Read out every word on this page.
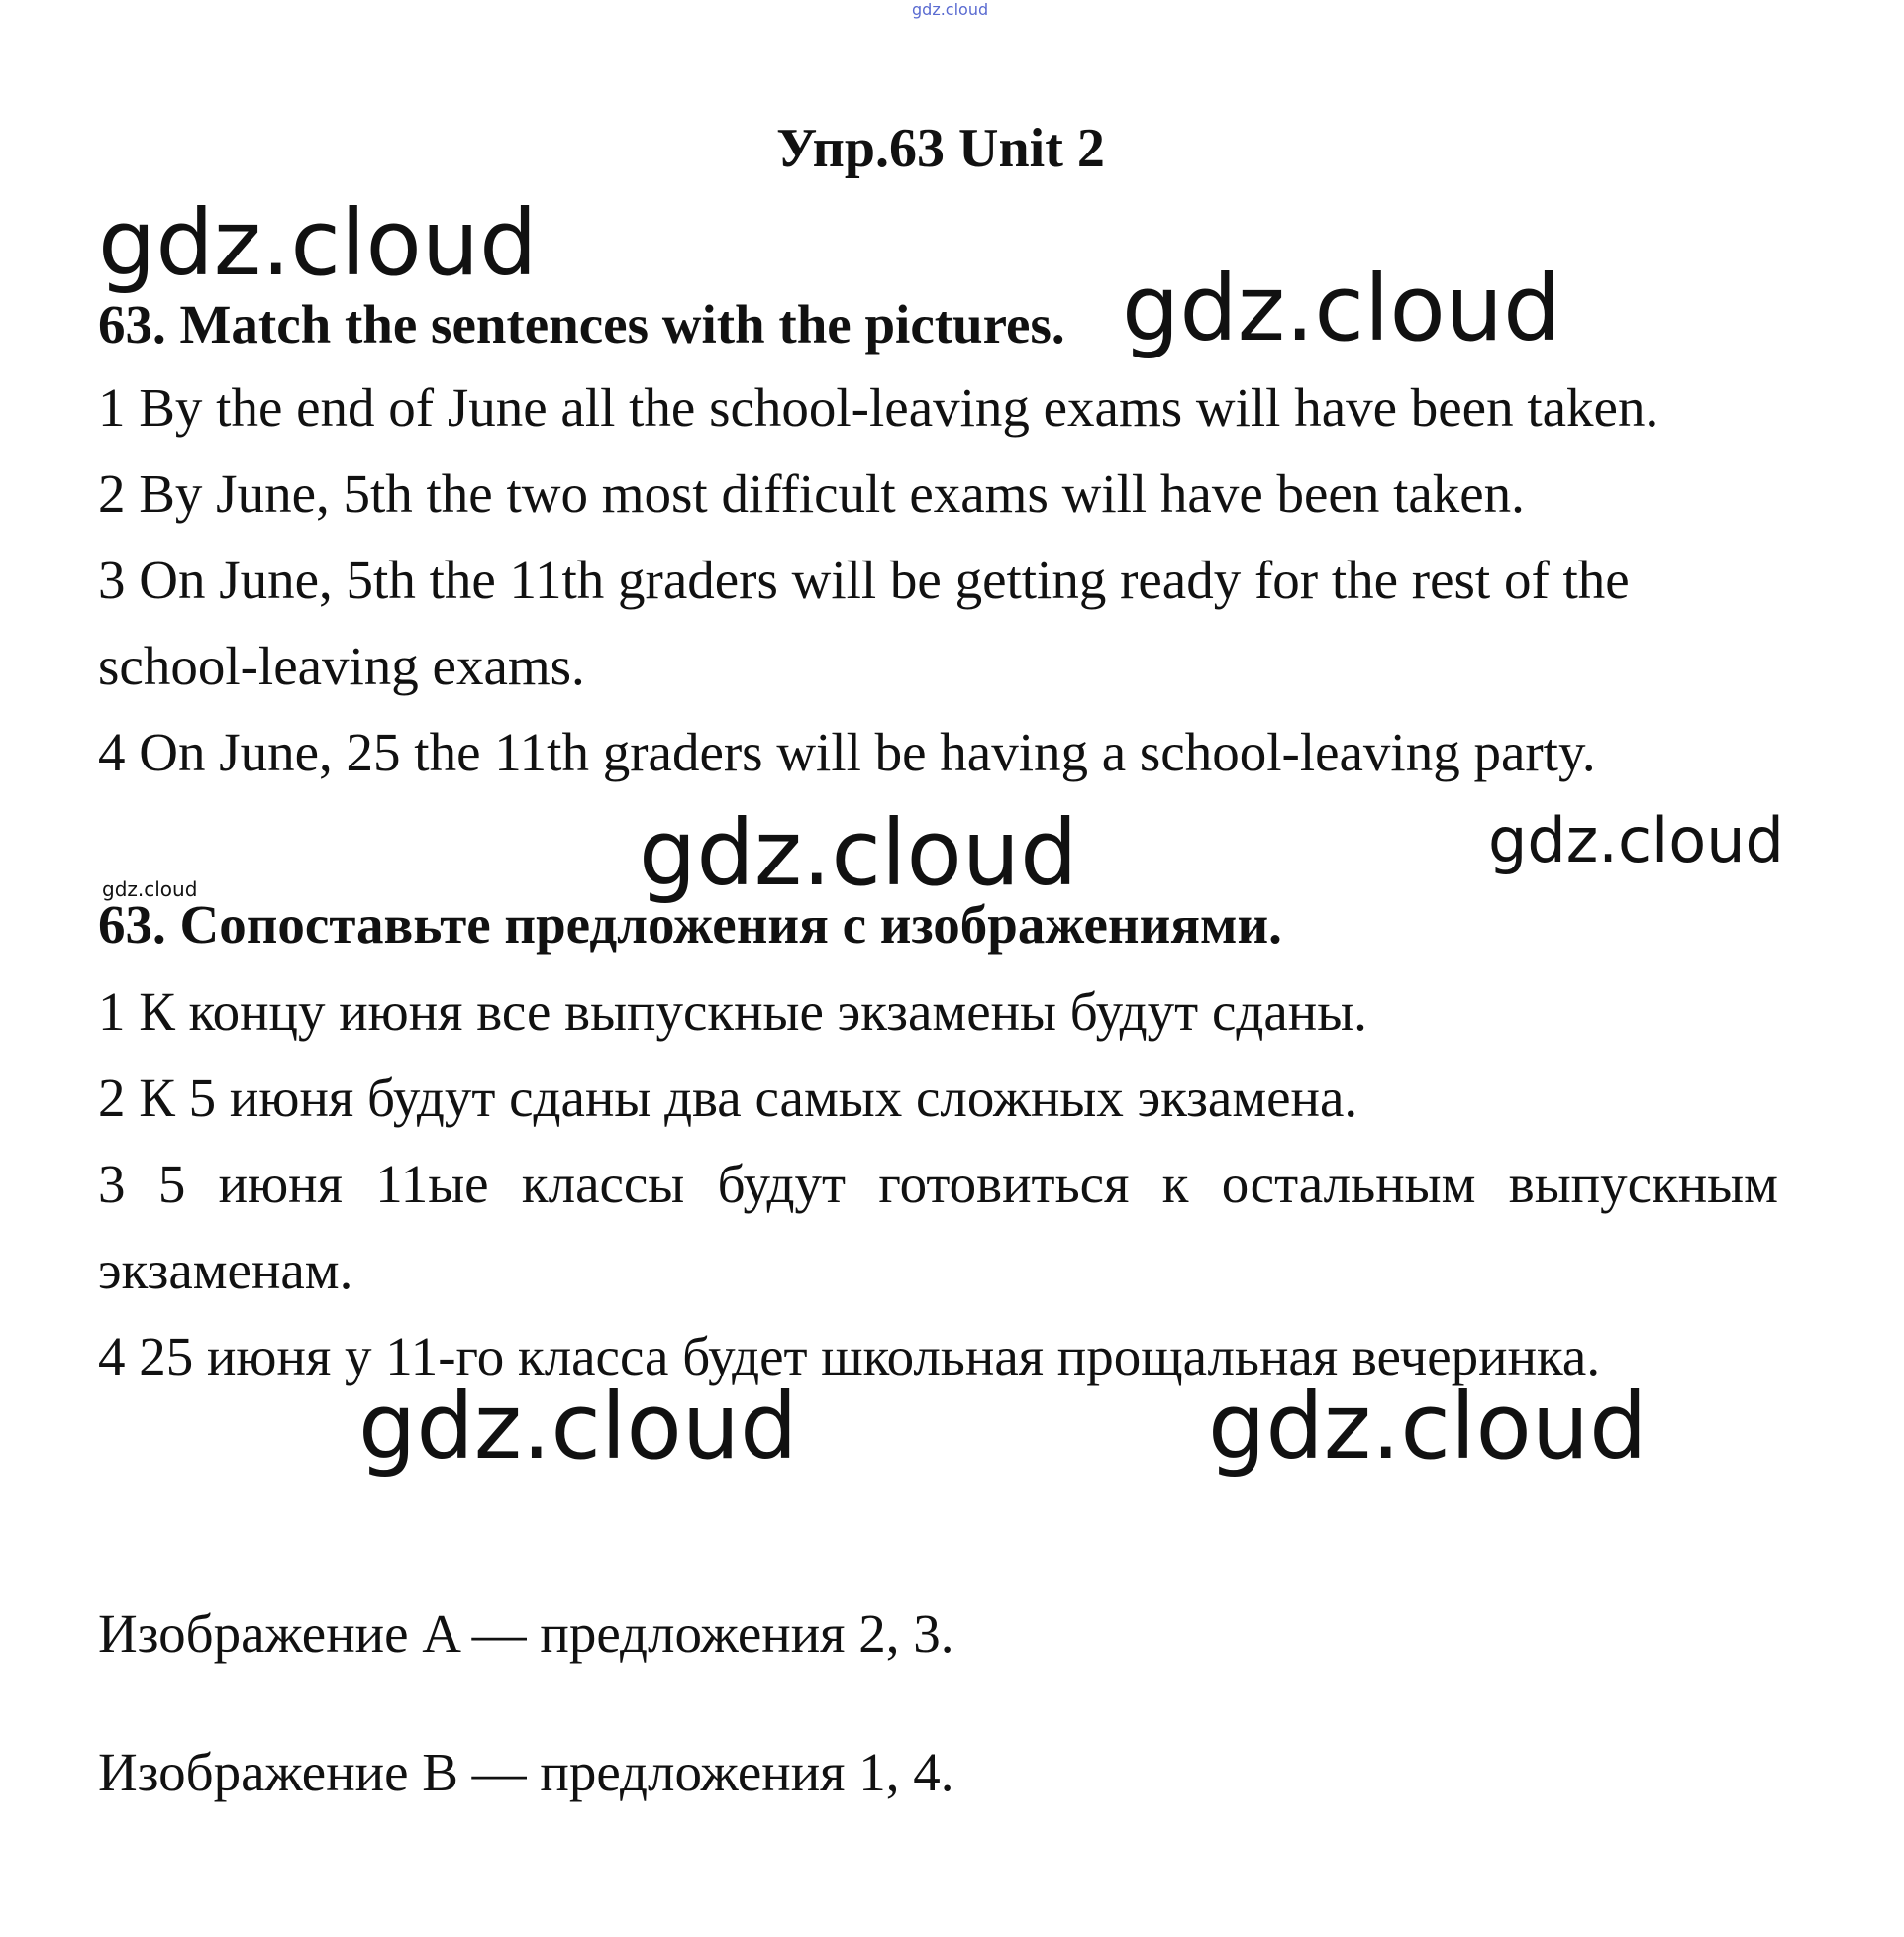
gdz.cloud
Упр.63 Unit 2
gdz.cloud
63. Match the sentences with the pictures. gdz.cloud
1 By the end of June all the school-leaving exams will have been taken.
2 By June, 5th the two most difficult exams will have been taken.
3 On June, 5th the 11th graders will be getting ready for the rest of the
school-leaving exams.
4 On June, 25 the 11th graders will be having a school-leaving party.
gdz.cloud	gdz.cloud
gdz.cloud
63. Сопоставьте предложения с изображениями.
1 К концу июня все выпускные экзамены будут сданы.
2 К 5 июня будут сданы два самых сложных экзамена.
3 5 июня 11ые классы будут готовиться к остальным выпускным
экзаменам.
4 25 июня у 11-го класса будет школьная прощальная вечеринка.
gdz.cloud	gdz.cloud
Изображение A — предложения 2, 3.
Изображение B — предложения 1, 4.
